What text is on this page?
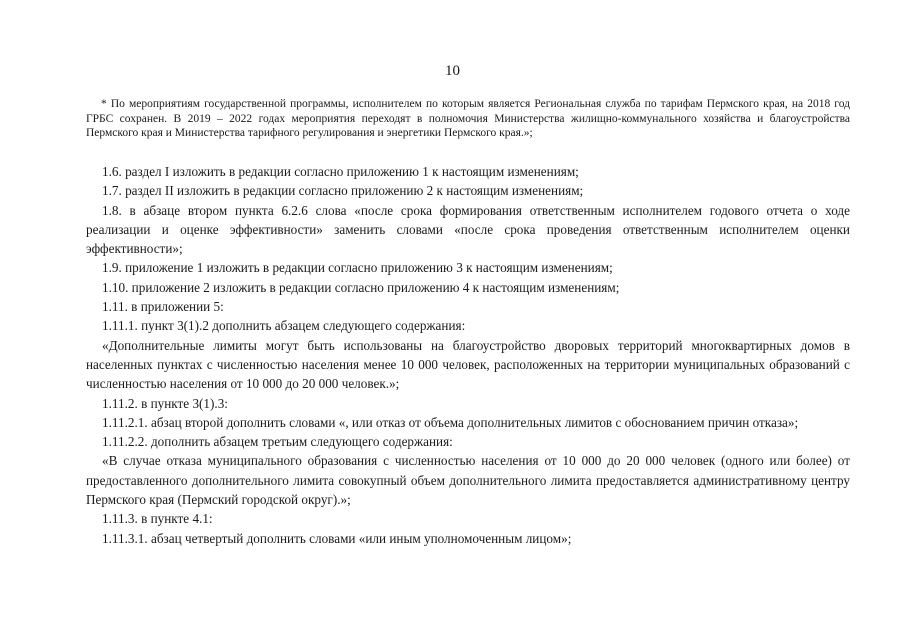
10
* По мероприятиям государственной программы, исполнителем по которым является Региональная служба по тарифам Пермского края, на 2018 год ГРБС сохранен. В 2019 – 2022 годах мероприятия переходят в полномочия Министерства жилищно-коммунального хозяйства и благоустройства Пермского края и Министерства тарифного регулирования и энергетики Пермского края.»;

1.6. раздел I изложить в редакции согласно приложению 1 к настоящим изменениям;

1.7. раздел II изложить в редакции согласно приложению 2 к настоящим изменениям;

1.8. в абзаце втором пункта 6.2.6 слова «после срока формирования ответственным исполнителем годового отчета о ходе реализации и оценке эффективности» заменить словами «после срока проведения ответственным исполнителем оценки эффективности»;

1.9. приложение 1 изложить в редакции согласно приложению 3 к настоящим изменениям;

1.10. приложение 2 изложить в редакции согласно приложению 4 к настоящим изменениям;

1.11. в приложении 5:

1.11.1. пункт 3(1).2 дополнить абзацем следующего содержания:

«Дополнительные лимиты могут быть использованы на благоустройство дворовых территорий многоквартирных домов в населенных пунктах с численностью населения менее 10 000 человек, расположенных на территории муниципальных образований с численностью населения от 10 000 до 20 000 человек.»;

1.11.2. в пункте 3(1).3:

1.11.2.1. абзац второй дополнить словами «, или отказ от объема дополнительных лимитов с обоснованием причин отказа»;

1.11.2.2. дополнить абзацем третьим следующего содержания:

«В случае отказа муниципального образования с численностью населения от 10 000 до 20 000 человек (одного или более) от предоставленного дополнительного лимита совокупный объем дополнительного лимита предоставляется административному центру Пермского края (Пермский городской округ).»;

1.11.3. в пункте 4.1:

1.11.3.1. абзац четвертый дополнить словами «или иным уполномоченным лицом»;
